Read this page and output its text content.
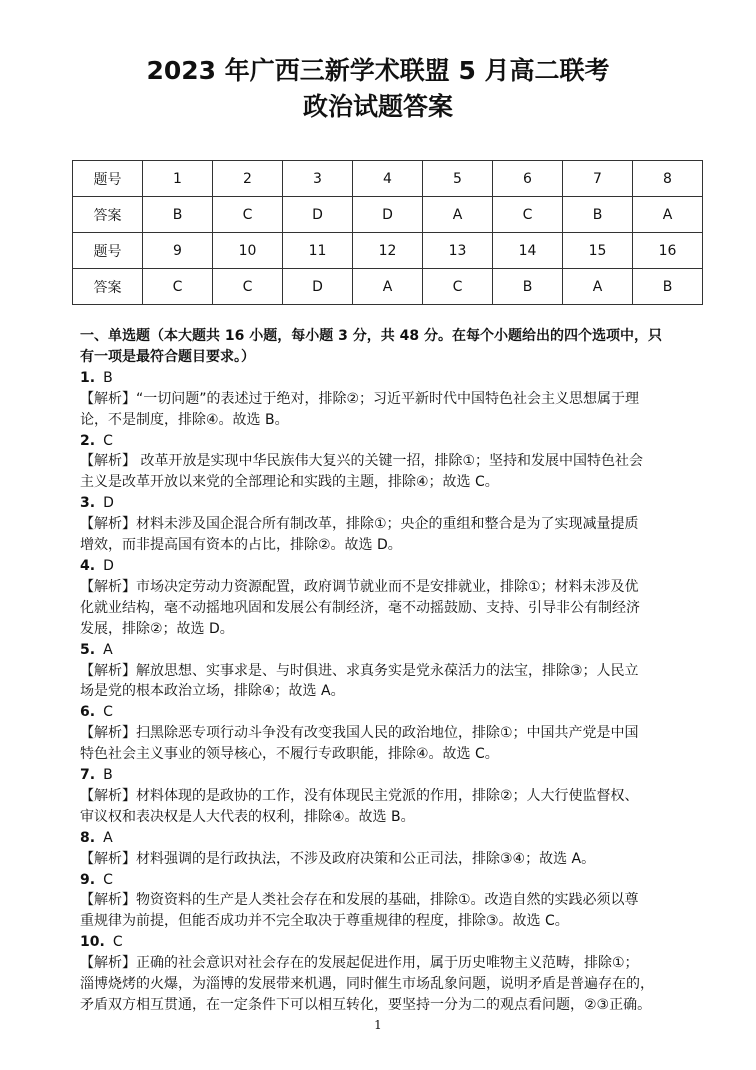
2023 年广西三新学术联盟 5 月高二联考
政治试题答案
题号	1	2	3	4	5	6	7	8
答案	B	C	D	D	A	C	B	A
题号	9	10	11	12	13	14	15	16
答案	C	C	D	A	C	B	A	B

一、单选题（本大题共 16 小题，每小题 3 分，共 48 分。在每个小题给出的四个选项中，只

有一项是最符合题目要求。）

1. B

【解析】“一切问题”的表述过于绝对，排除②；习近平新时代中国特色社会主义思想属于理

论，不是制度，排除④。故选 B。

2. C

【解析】 改革开放是实现中华民族伟大复兴的关键一招，排除①；坚持和发展中国特色社会

主义是改革开放以来党的全部理论和实践的主题，排除④；故选 C。

3. D

【解析】材料未涉及国企混合所有制改革，排除①；央企的重组和整合是为了实现减量提质

增效，而非提高国有资本的占比，排除②。故选 D。

4. D

【解析】市场决定劳动力资源配置，政府调节就业而不是安排就业，排除①；材料未涉及优

化就业结构，毫不动摇地巩固和发展公有制经济，毫不动摇鼓励、支持、引导非公有制经济

发展，排除②；故选 D。

5. A

【解析】解放思想、实事求是、与时俱进、求真务实是党永葆活力的法宝，排除③；人民立

场是党的根本政治立场，排除④；故选 A。

6. C

【解析】扫黑除恶专项行动斗争没有改变我国人民的政治地位，排除①；中国共产党是中国

特色社会主义事业的领导核心，不履行专政职能，排除④。故选 C。

7. B

【解析】材料体现的是政协的工作，没有体现民主党派的作用，排除②；人大行使监督权、

审议权和表决权是人大代表的权利，排除④。故选 B。

8. A

【解析】材料强调的是行政执法，不涉及政府决策和公正司法，排除③④；故选 A。

9. C

【解析】物资资料的生产是人类社会存在和发展的基础，排除①。改造自然的实践必须以尊

重规律为前提，但能否成功并不完全取决于尊重规律的程度，排除③。故选 C。

10. C

【解析】正确的社会意识对社会存在的发展起促进作用，属于历史唯物主义范畴，排除①；

淄博烧烤的火爆，为淄博的发展带来机遇，同时催生市场乱象问题，说明矛盾是普遍存在的，

矛盾双方相互贯通，在一定条件下可以相互转化，要坚持一分为二的观点看问题，②③正确。

1
